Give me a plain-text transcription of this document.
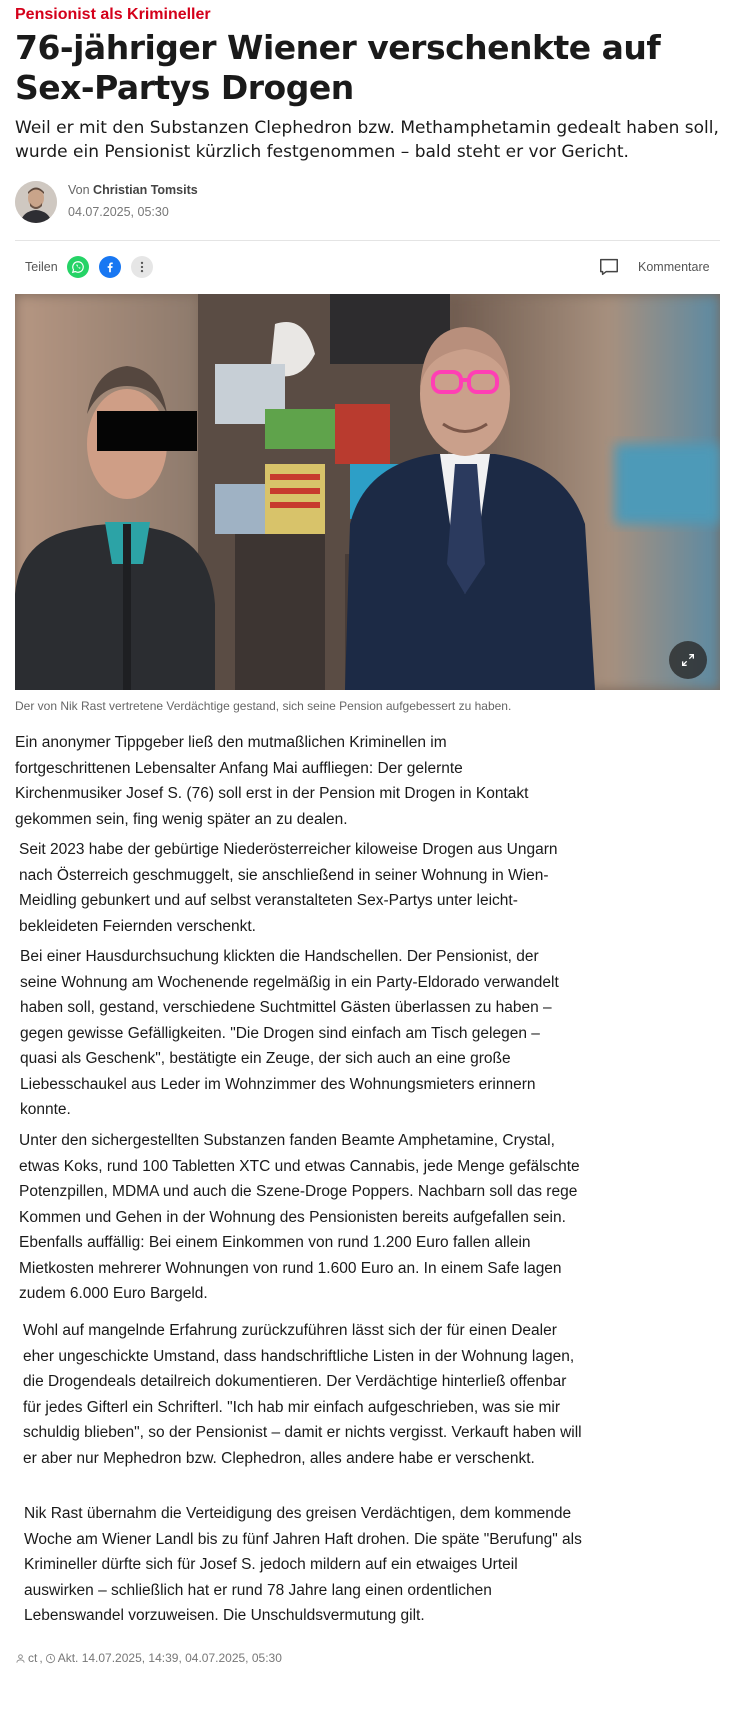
Pensionist als Krimineller
76-jähriger Wiener verschenkte auf Sex-Partys Drogen
Weil er mit den Substanzen Clephedron bzw. Methamphetamin gedealt haben soll, wurde ein Pensionist kürzlich festgenommen – bald steht er vor Gericht.
Von Christian Tomsits
04.07.2025, 05:30
Teilen	Kommentare
Der von Nik Rast vertretene Verdächtige gestand, sich seine Pension aufgebessert zu haben.
Ein anonymer Tippgeber ließ den mutmaßlichen Kriminellen im fortgeschrittenen Lebensalter Anfang Mai auffliegen: Der gelernte Kirchenmusiker Josef S. (76) soll erst in der Pension mit Drogen in Kontakt gekommen sein, fing wenig später an zu dealen.
Seit 2023 habe der gebürtige Niederösterreicher kiloweise Drogen aus Ungarn nach Österreich geschmuggelt, sie anschließend in seiner Wohnung in Wien-Meidling gebunkert und auf selbst veranstalteten Sex-Partys unter leicht-bekleideten Feiernden verschenkt.
Bei einer Hausdurchsuchung klickten die Handschellen. Der Pensionist, der seine Wohnung am Wochenende regelmäßig in ein Party-Eldorado verwandelt haben soll, gestand, verschiedene Suchtmittel Gästen überlassen zu haben – gegen gewisse Gefälligkeiten. "Die Drogen sind einfach am Tisch gelegen – quasi als Geschenk", bestätigte ein Zeuge, der sich auch an eine große Liebesschaukel aus Leder im Wohnzimmer des Wohnungsmieters erinnern konnte.
Unter den sichergestellten Substanzen fanden Beamte Amphetamine, Crystal, etwas Koks, rund 100 Tabletten XTC und etwas Cannabis, jede Menge gefälschte Potenzpillen, MDMA und auch die Szene-Droge Poppers. Nachbarn soll das rege Kommen und Gehen in der Wohnung des Pensionisten bereits aufgefallen sein. Ebenfalls auffällig: Bei einem Einkommen von rund 1.200 Euro fallen allein Mietkosten mehrerer Wohnungen von rund 1.600 Euro an. In einem Safe lagen zudem 6.000 Euro Bargeld.
Wohl auf mangelnde Erfahrung zurückzuführen lässt sich der für einen Dealer eher ungeschickte Umstand, dass handschriftliche Listen in der Wohnung lagen, die Drogendeals detailreich dokumentieren. Der Verdächtige hinterließ offenbar für jedes Gifterl ein Schrifterl. "Ich hab mir einfach aufgeschrieben, was sie mir schuldig blieben", so der Pensionist – damit er nichts vergisst. Verkauft haben will er aber nur Mephedron bzw. Clephedron, alles andere habe er verschenkt.
Nik Rast übernahm die Verteidigung des greisen Verdächtigen, dem kommende Woche am Wiener Landl bis zu fünf Jahren Haft drohen. Die späte "Berufung" als Krimineller dürfte sich für Josef S. jedoch mildern auf ein etwaiges Urteil auswirken – schließlich hat er rund 78 Jahre lang einen ordentlichen Lebenswandel vorzuweisen. Die Unschuldsvermutung gilt.
ct , Akt. 14.07.2025, 14:39, 04.07.2025, 05:30
